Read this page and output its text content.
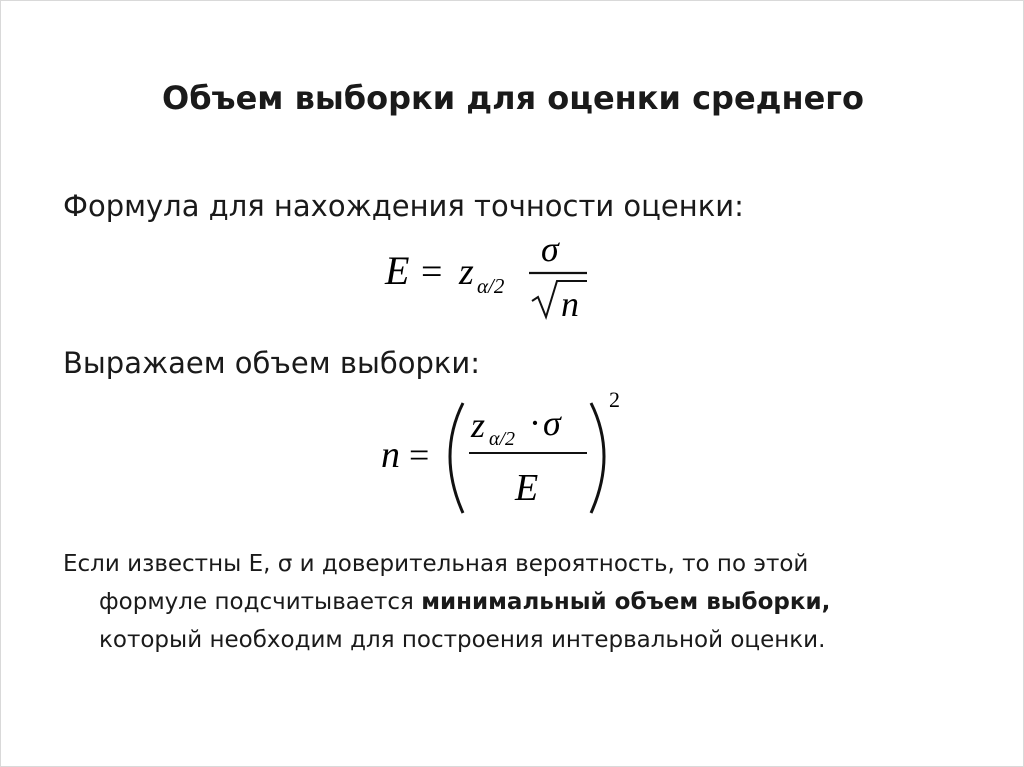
Объем выборки для оценки среднего

Формула для нахождения точности оценки:

E = z α/2
σ
n

Выражаем объем выборки:

n =
z α/2 · σ
E
2

Если известны Е, σ и доверительная вероятность, то по этой

формуле подсчитывается минимальный объем выборки,

который необходим для построения интервальной оценки.
